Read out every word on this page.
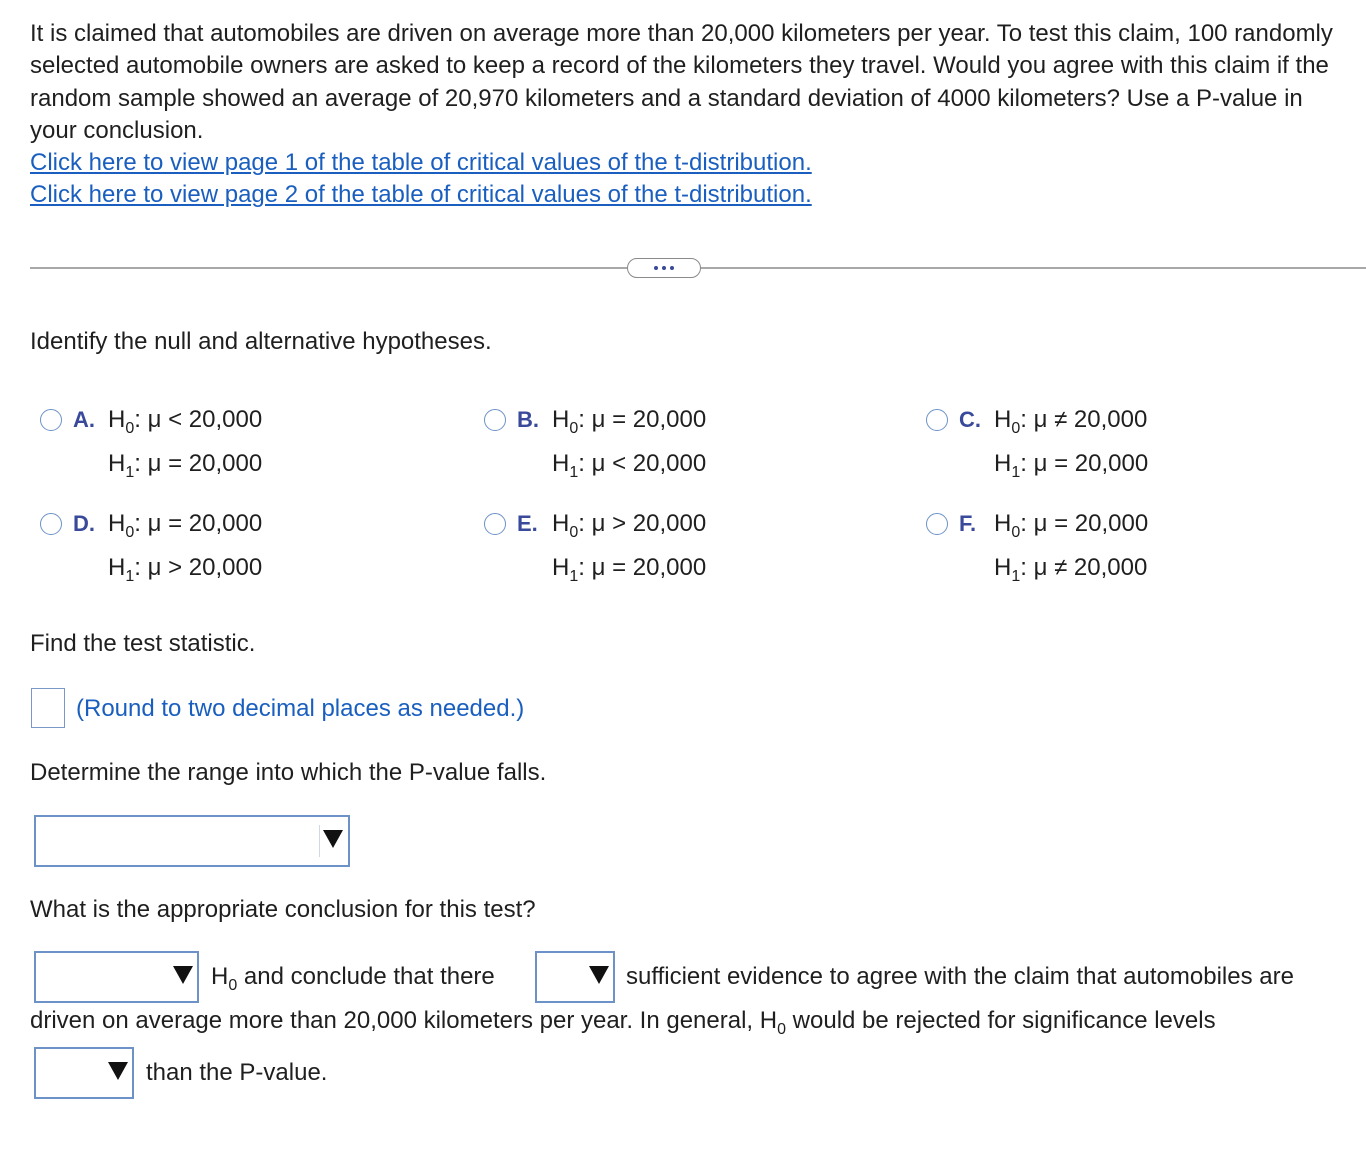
It is claimed that automobiles are driven on average more than 20,000 kilometers per year. To test this claim, 100 randomly selected automobile owners are asked to keep a record of the kilometers they travel. Would you agree with this claim if the random sample showed an average of 20,970 kilometers and a standard deviation of 4000 kilometers? Use a P-value in your conclusion.

Click here to view page 1 of the table of critical values of the t-distribution.
Click here to view page 2 of the table of critical values of the t-distribution.
Identify the null and alternative hypotheses.
A. $H_0$: μ < 20,000
$H_1$: μ = 20,000
B. $H_0$: μ = 20,000
$H_1$: μ < 20,000
C. $H_0$: μ ≠ 20,000
$H_1$: μ = 20,000
D. $H_0$: μ = 20,000
$H_1$: μ > 20,000
E. $H_0$: μ > 20,000
$H_1$: μ = 20,000
F. $H_0$: μ = 20,000
$H_1$: μ ≠ 20,000
Find the test statistic.
(Round to two decimal places as needed.)
Determine the range into which the P-value falls.
What is the appropriate conclusion for this test?
$H_0$ and conclude that there	sufficient evidence to agree with the claim that automobiles are
driven on average more than 20,000 kilometers per year. In general, $H_0$ would be rejected for significance levels
than the P-value.
